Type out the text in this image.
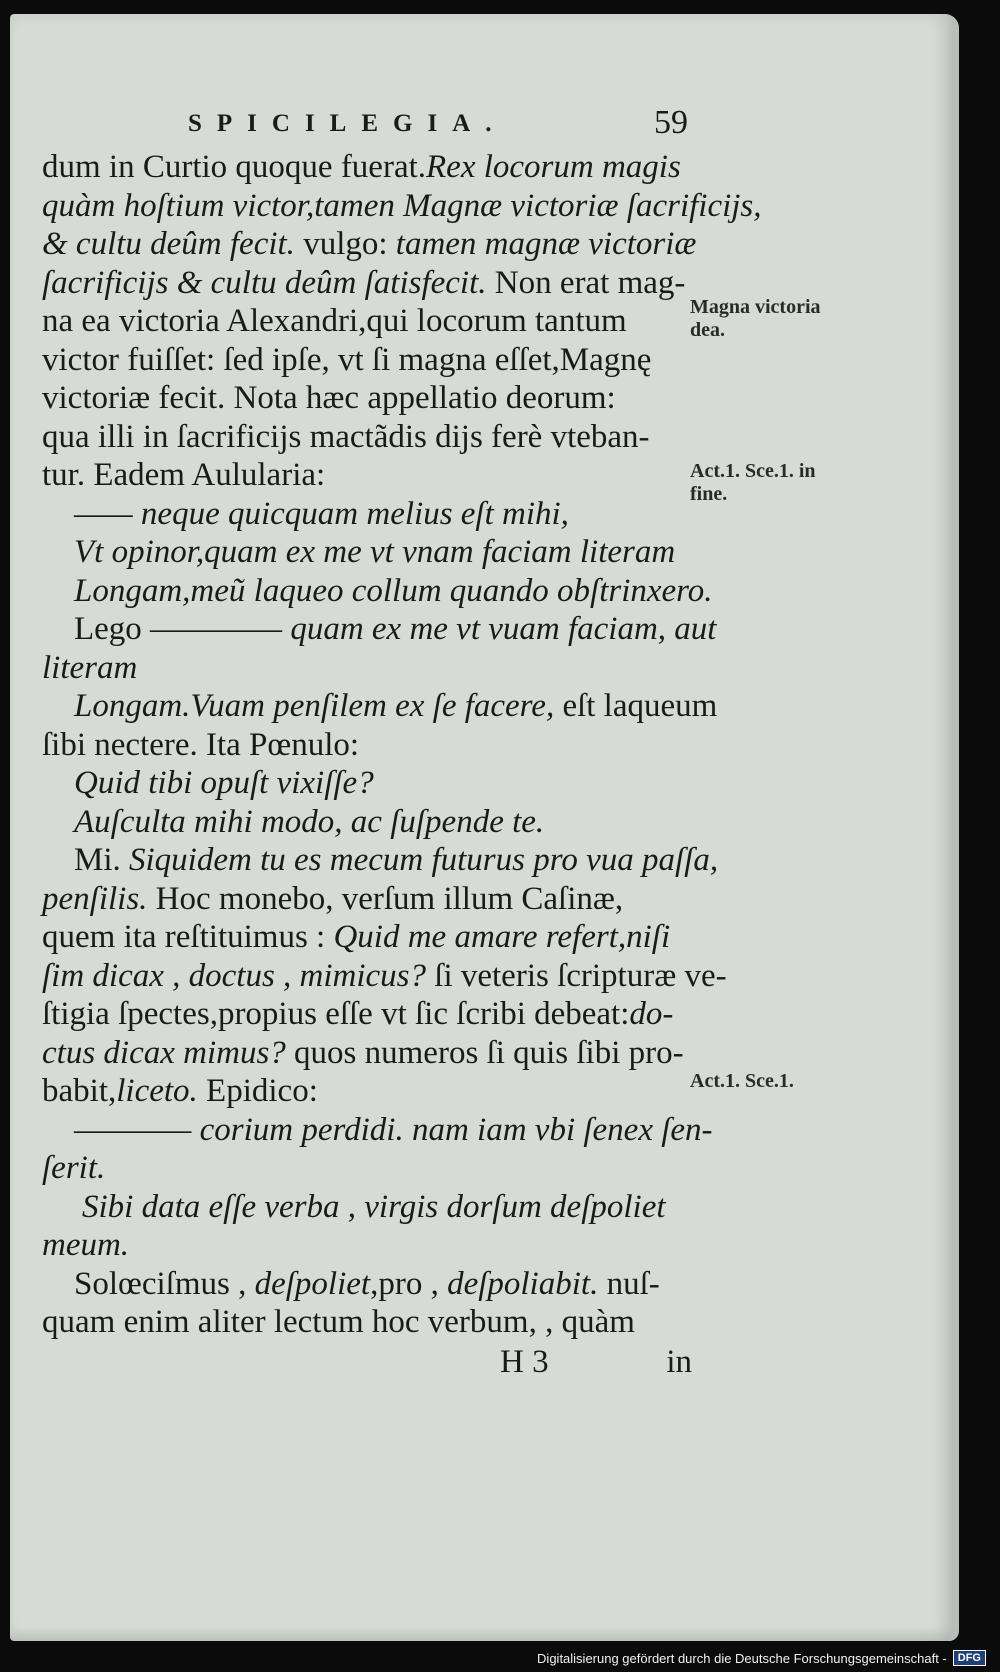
SPICILEGIA.	59
dum in Curtio quoque fuerat.Rex locorum magis
quàm hoſtium victor,tamen Magnæ victoriæ ſacrificijs,
& cultu deûm fecit. vulgo: tamen magnæ victoriæ
ſacrificijs & cultu deûm ſatisfecit. Non erat mag-
na ea victoria Alexandri,qui locorum tantum
victor fuiſſet: ſed ipſe, vt ſi magna eſſet,Magnę
victoriæ fecit. Nota hæc appellatio deorum:
qua illi in ſacrificijs mactãdis dijs ferè vteban-
tur. Eadem Aulularia:
—— neque quicquam melius eſt mihi,
Vt opinor,quam ex me vt vnam faciam literam
Longam,meũ laqueo collum quando obſtrinxero.
Lego ———— quam ex me vt vuam faciam, aut
literam
Longam.Vuam penſilem ex ſe facere, eſt laqueum
ſibi nectere. Ita Pœnulo:
Quid tibi opuſt vixiſſe?
Auſculta mihi modo, ac ſuſpende te.
Mi. Siquidem tu es mecum futurus pro vua paſſa,
penſilis. Hoc monebo, verſum illum Caſinæ,
quem ita reſtituimus : Quid me amare refert,niſi
ſim dicax , doctus , mimicus? ſi veteris ſcripturæ ve-
ſtigia ſpectes,propius eſſe vt ſic ſcribi debeat:do-
ctus dicax mimus? quos numeros ſi quis ſibi pro-
babit,liceto. Epidico:
———— corium perdidi. nam iam vbi ſenex ſen-
ſerit.
Sibi data eſſe verba , virgis dorſum deſpoliet
meum.
Solœciſmus , deſpoliet,pro , deſpoliabit. nuſ-
quam enim aliter lectum hoc verbum, , quàm
H 3	in
Magna victoria
dea.
Act.1. Sce.1. in
fine.
Act.1. Sce.1.
Digitalisierung gefördert durch die Deutsche Forschungsgemeinschaft -	DFG
